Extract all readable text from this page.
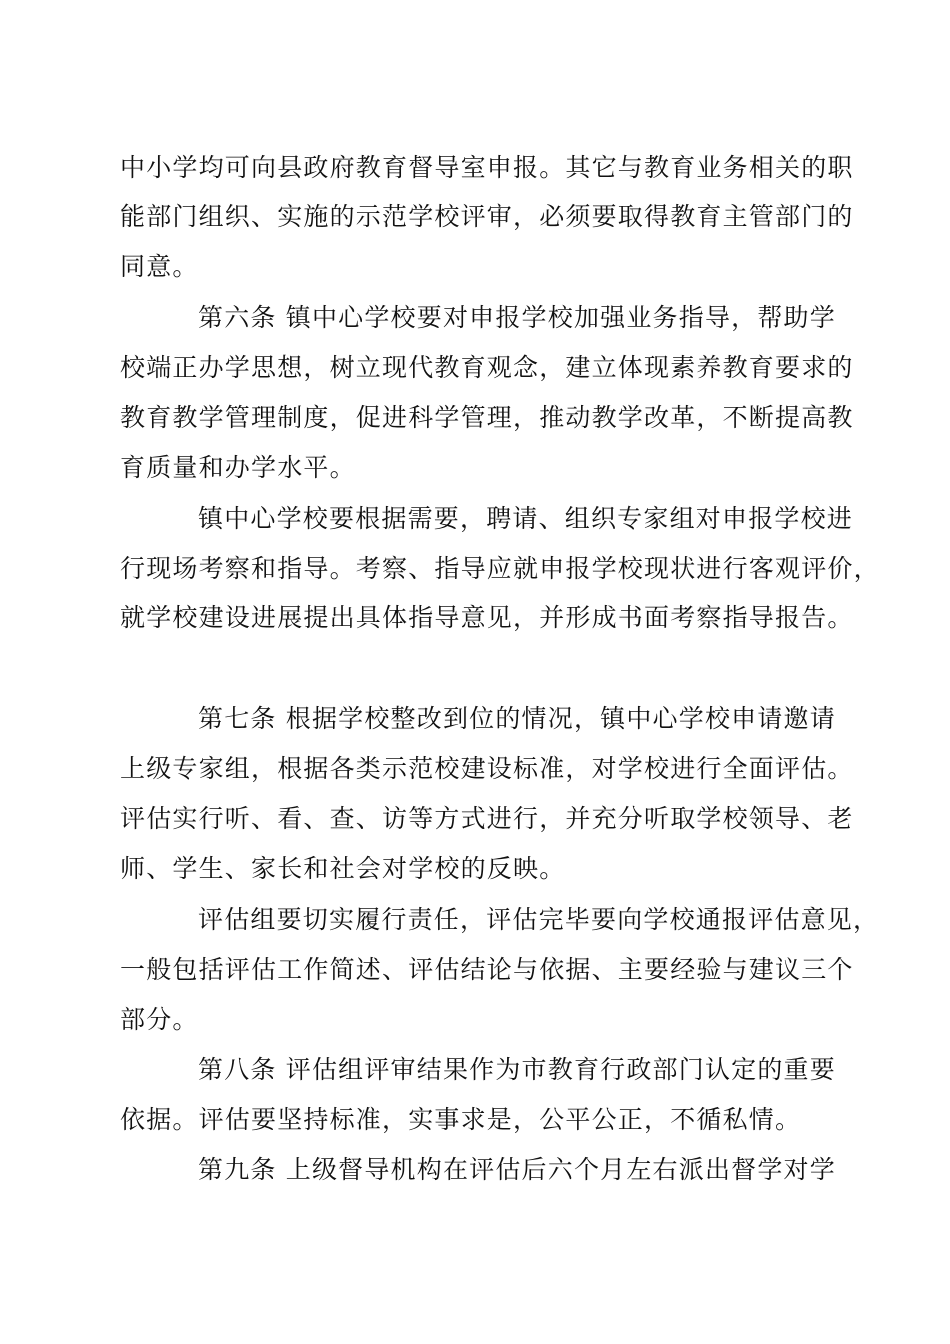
中小学均可向县政府教育督导室申报。其它与教育业务相关的职
能部门组织、实施的示范学校评审，必须要取得教育主管部门的
同意。
第六条 镇中心学校要对申报学校加强业务指导，帮助学
校端正办学思想，树立现代教育观念，建立体现素养教育要求的
教育教学管理制度，促进科学管理，推动教学改革，不断提高教
育质量和办学水平。
镇中心学校要根据需要，聘请、组织专家组对申报学校进
行现场考察和指导。考察、指导应就申报学校现状进行客观评价，
就学校建设进展提出具体指导意见，并形成书面考察指导报告。
第七条 根据学校整改到位的情况，镇中心学校申请邀请
上级专家组，根据各类示范校建设标准，对学校进行全面评估。
评估实行听、看、查、访等方式进行，并充分听取学校领导、老
师、学生、家长和社会对学校的反映。
评估组要切实履行责任，评估完毕要向学校通报评估意见，
一般包括评估工作简述、评估结论与依据、主要经验与建议三个
部分。
第八条 评估组评审结果作为市教育行政部门认定的重要
依据。评估要坚持标准，实事求是，公平公正，不循私情。
第九条 上级督导机构在评估后六个月左右派出督学对学
